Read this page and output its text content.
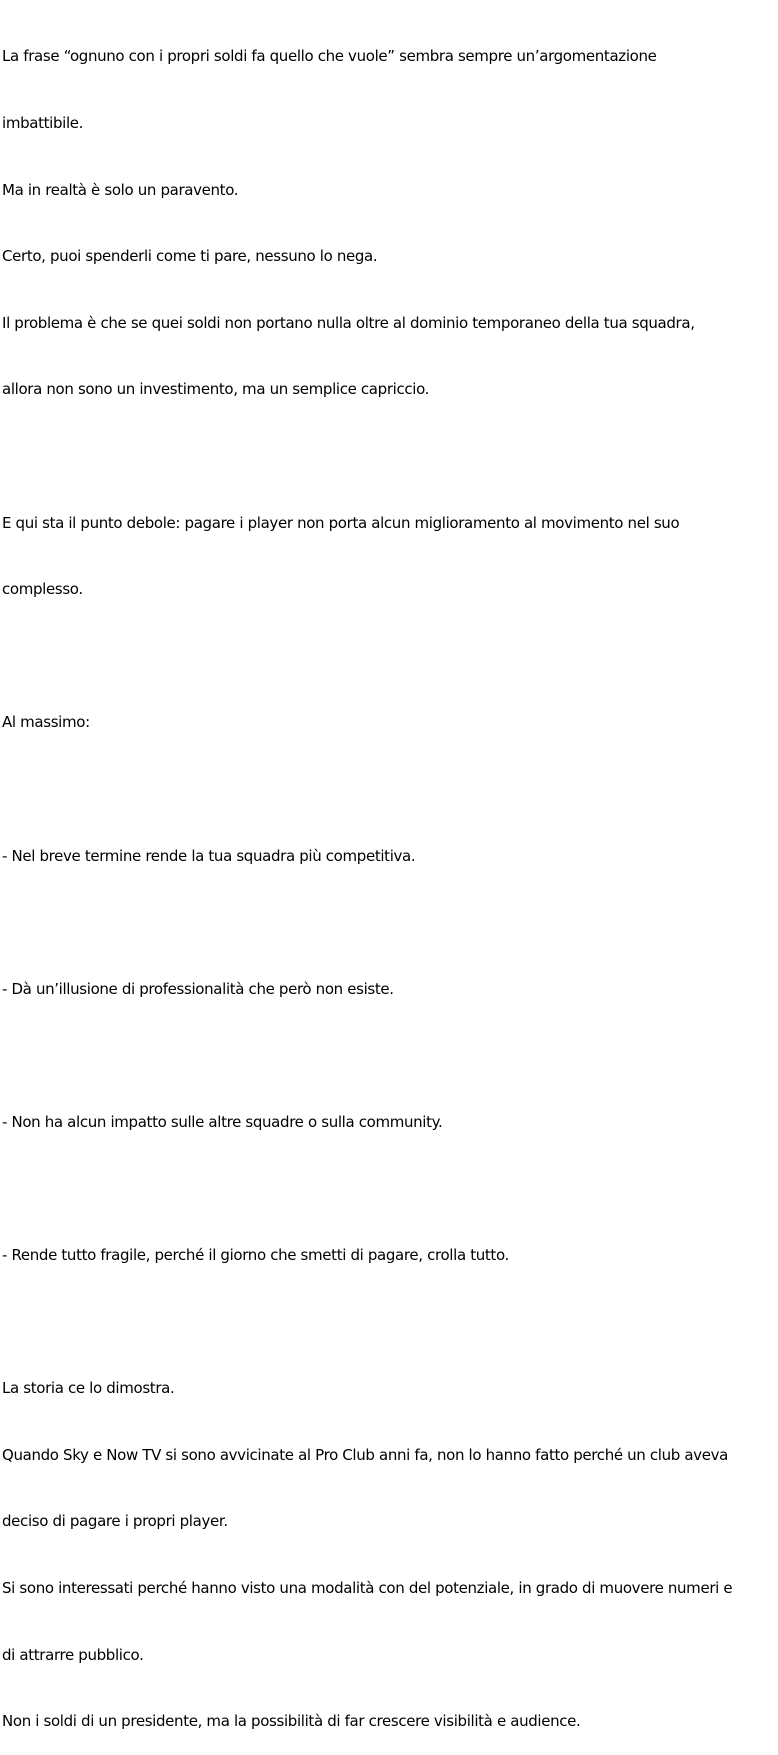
La frase “ognuno con i propri soldi fa quello che vuole” sembra sempre un’argomentazione

imbattibile.

Ma in realtà è solo un paravento.

Certo, puoi spenderli come ti pare, nessuno lo nega.

Il problema è che se quei soldi non portano nulla oltre al dominio temporaneo della tua squadra,

allora non sono un investimento, ma un semplice capriccio.

E qui sta il punto debole: pagare i player non porta alcun miglioramento al movimento nel suo

complesso.

Al massimo:

- Nel breve termine rende la tua squadra più competitiva.

- Dà un’illusione di professionalità che però non esiste.

- Non ha alcun impatto sulle altre squadre o sulla community.

- Rende tutto fragile, perché il giorno che smetti di pagare, crolla tutto.

La storia ce lo dimostra.

Quando Sky e Now TV si sono avvicinate al Pro Club anni fa, non lo hanno fatto perché un club aveva

deciso di pagare i propri player.

Si sono interessati perché hanno visto una modalità con del potenziale, in grado di muovere numeri e

di attrarre pubblico.

Non i soldi di un presidente, ma la possibilità di far crescere visibilità e audience.
